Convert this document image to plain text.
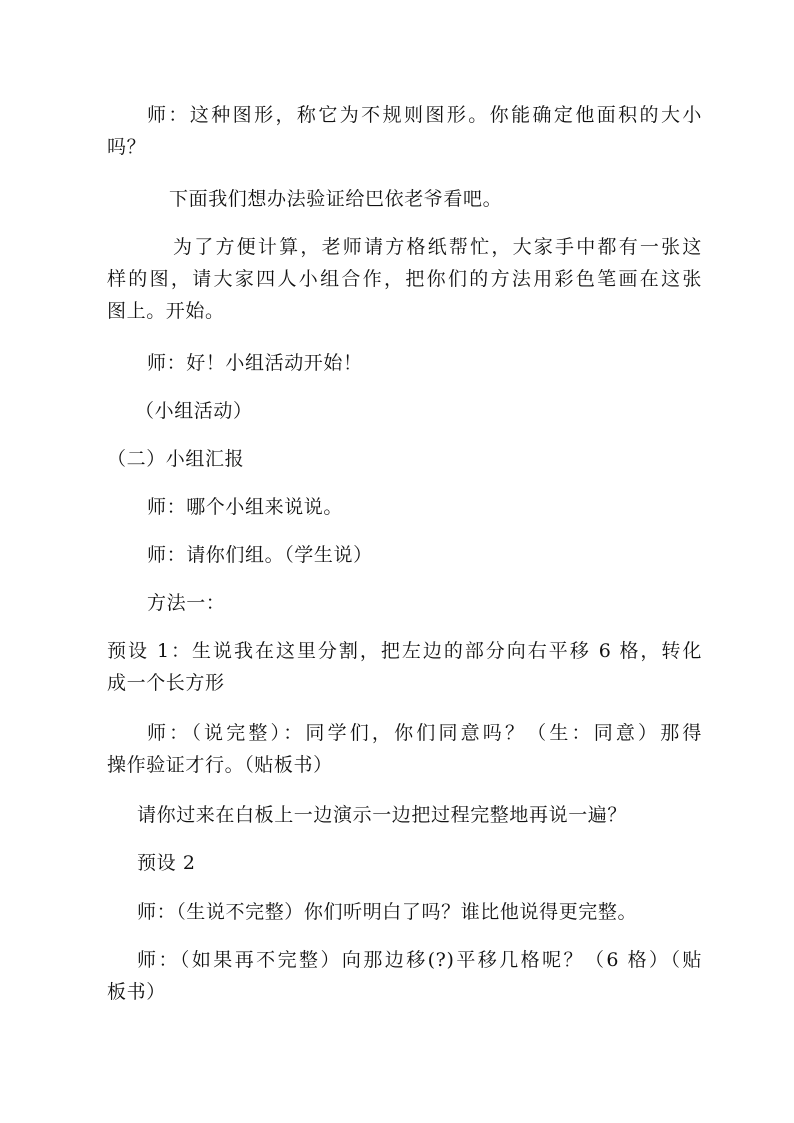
师：这种图形，称它为不规则图形。你能确定他面积的大小
吗？
下面我们想办法验证给巴依老爷看吧。
为了方便计算，老师请方格纸帮忙，大家手中都有一张这
样的图，请大家四人小组合作，把你们的方法用彩色笔画在这张
图上。开始。
师：好！小组活动开始！
（小组活动）
（二）小组汇报
师：哪个小组来说说。
师：请你们组。（学生说）
方法一：
预设 1：生说我在这里分割，把左边的部分向右平移 6 格，转化
成一个长方形
师：（说完整）：同学们，你们同意吗？（生：同意）那得
操作验证才行。（贴板书）
请你过来在白板上一边演示一边把过程完整地再说一遍？
预设 2
师：（生说不完整）你们听明白了吗？谁比他说得更完整。
师：（如果再不完整）向那边移(?)平移几格呢？（6 格）（贴
板书）
